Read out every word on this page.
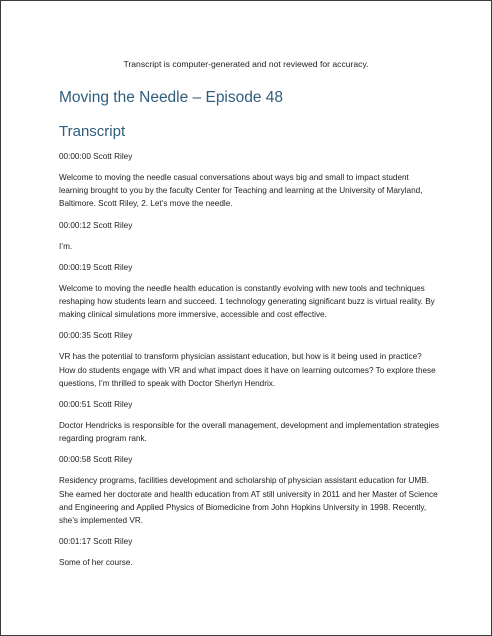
Transcript is computer-generated and not reviewed for accuracy.
Moving the Needle – Episode 48
Transcript

00:00:00 Scott Riley

Welcome to moving the needle casual conversations about ways big and small to impact student learning brought to you by the faculty Center for Teaching and learning at the University of Maryland, Baltimore. Scott Riley, 2. Let’s move the needle.

00:00:12 Scott Riley

I’m.

00:00:19 Scott Riley

Welcome to moving the needle health education is constantly evolving with new tools and techniques reshaping how students learn and succeed. 1 technology generating significant buzz is virtual reality. By making clinical simulations more immersive, accessible and cost effective.

00:00:35 Scott Riley

VR has the potential to transform physician assistant education, but how is it being used in practice? How do students engage with VR and what impact does it have on learning outcomes? To explore these questions, I’m thrilled to speak with Doctor Sherlyn Hendrix.

00:00:51 Scott Riley

Doctor Hendricks is responsible for the overall management, development and implementation strategies regarding program rank.

00:00:58 Scott Riley

Residency programs, facilities development and scholarship of physician assistant education for UMB. She earned her doctorate and health education from AT still university in 2011 and her Master of Science and Engineering and Applied Physics of Biomedicine from John Hopkins University in 1998. Recently, she’s implemented VR.

00:01:17 Scott Riley

Some of her course.
